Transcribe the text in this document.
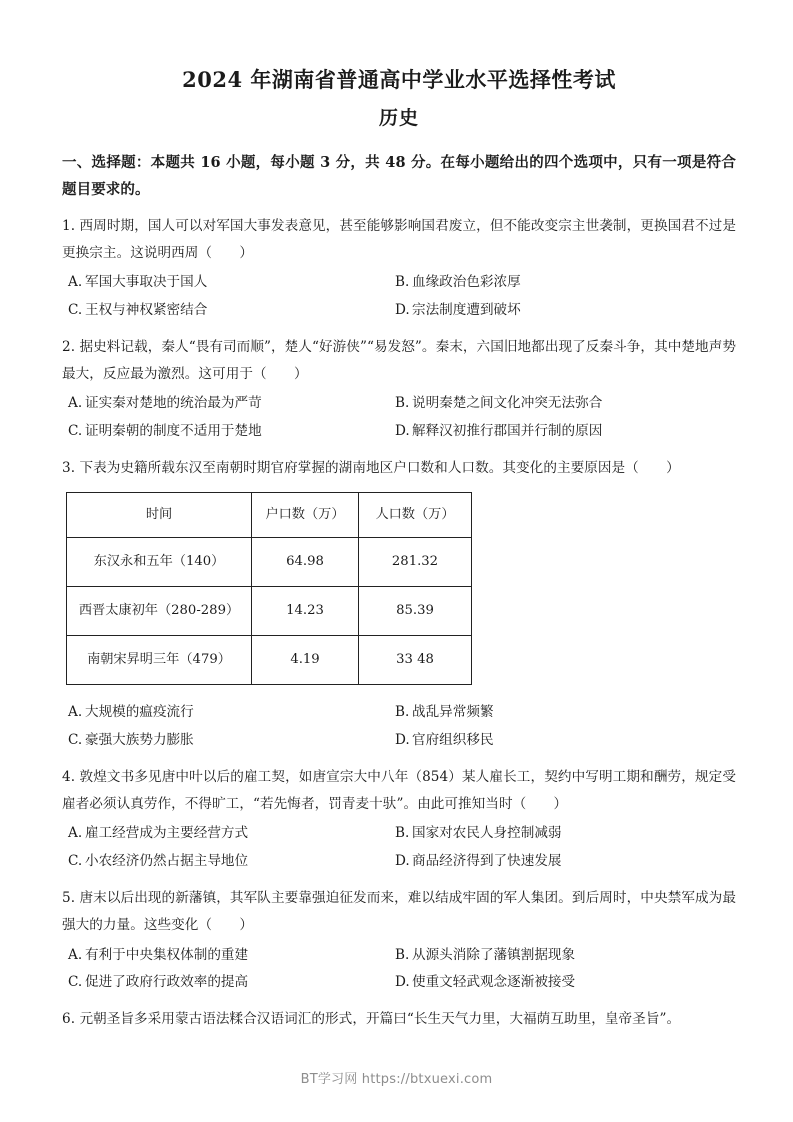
2024 年湖南省普通高中学业水平选择性考试
历史
一、选择题：本题共 16 小题，每小题 3 分，共 48 分。在每小题给出的四个选项中，只有一项是符合题目要求的。
1. 西周时期，国人可以对军国大事发表意见，甚至能够影响国君废立，但不能改变宗主世袭制，更换国君不过是更换宗主。这说明西周（　　）
A. 军国大事取决于国人	B. 血缘政治色彩浓厚
C. 王权与神权紧密结合	D. 宗法制度遭到破坏
2. 据史料记载，秦人“畏有司而顺”，楚人“好游侠”“易发怒”。秦末，六国旧地都出现了反秦斗争，其中楚地声势最大，反应最为激烈。这可用于（　　）
A. 证实秦对楚地的统治最为严苛	B. 说明秦楚之间文化冲突无法弥合
C. 证明秦朝的制度不适用于楚地	D. 解释汉初推行郡国并行制的原因
3. 下表为史籍所载东汉至南朝时期官府掌握的湖南地区户口数和人口数。其变化的主要原因是（　　）
时间	户口数（万）	人口数（万）
东汉永和五年（140）	64.98	281.32
西晋太康初年（280-289）	14.23	85.39
南朝宋昇明三年（479）	4.19	33 48
A. 大规模的瘟疫流行	B. 战乱异常频繁
C. 豪强大族势力膨胀	D. 官府组织移民
4. 敦煌文书多见唐中叶以后的雇工契，如唐宣宗大中八年（854）某人雇长工，契约中写明工期和酬劳，规定受雇者必须认真劳作，不得旷工，“若先悔者，罚青麦十驮”。由此可推知当时（　　）
A. 雇工经营成为主要经营方式	B. 国家对农民人身控制减弱
C. 小农经济仍然占据主导地位	D. 商品经济得到了快速发展
5. 唐末以后出现的新藩镇，其军队主要靠强迫征发而来，难以结成牢固的军人集团。到后周时，中央禁军成为最强大的力量。这些变化（　　）
A. 有利于中央集权体制的重建	B. 从源头消除了藩镇割据现象
C. 促进了政府行政效率的提高	D. 使重文轻武观念逐渐被接受
6. 元朝圣旨多采用蒙古语法糅合汉语词汇的形式，开篇曰“长生天气力里，大福荫互助里，皇帝圣旨”。
BT学习网 https://btxuexi.com
